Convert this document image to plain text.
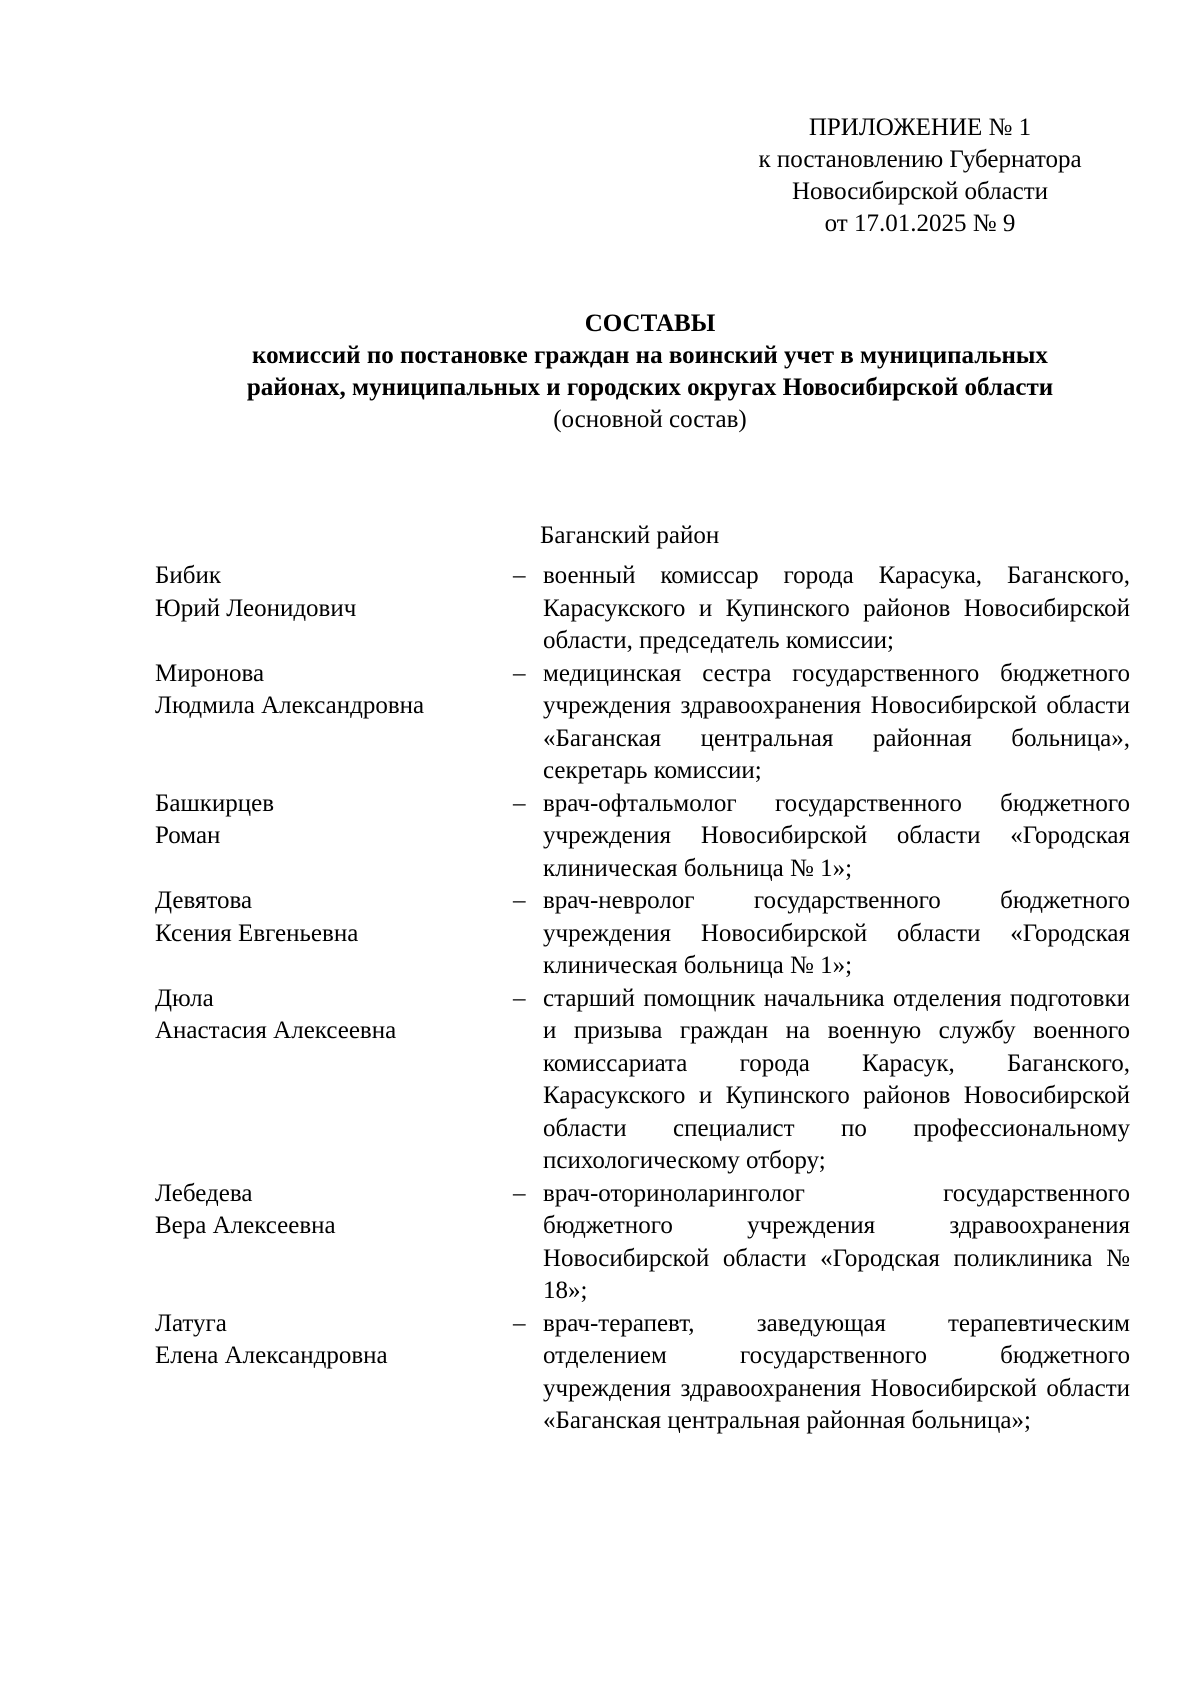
ПРИЛОЖЕНИЕ № 1
к постановлению Губернатора
Новосибирской области
от 17.01.2025 № 9
СОСТАВЫ
комиссий по постановке граждан на воинский учет в муниципальных
районах, муниципальных и городских округах Новосибирской области
(основной состав)
Баганский район
Бибик
Юрий Леонидович
– военный комиссар города Карасука, Баганского, Карасукского и Купинского районов Новосибирской области, председатель комиссии;
Миронова
Людмила Александровна
– медицинская сестра государственного бюджетного учреждения здравоохранения Новосибирской области «Баганская центральная районная больница», секретарь комиссии;
Башкирцев
Роман
– врач-офтальмолог государственного бюджетного учреждения Новосибирской области «Городская клиническая больница № 1»;
Девятова
Ксения Евгеньевна
– врач-невролог государственного бюджетного учреждения Новосибирской области «Городская клиническая больница № 1»;
Дюла
Анастасия Алексеевна
– старший помощник начальника отделения подготовки и призыва граждан на военную службу военного комиссариата города Карасук, Баганского, Карасукского и Купинского районов Новосибирской области специалист по профессиональному психологическому отбору;
Лебедева
Вера Алексеевна
– врач-оториноларинголог государственного бюджетного учреждения здравоохранения Новосибирской области «Городская поликлиника № 18»;
Латуга
Елена Александровна
– врач-терапевт, заведующая терапевтическим отделением государственного бюджетного учреждения здравоохранения Новосибирской области «Баганская центральная районная больница»;
